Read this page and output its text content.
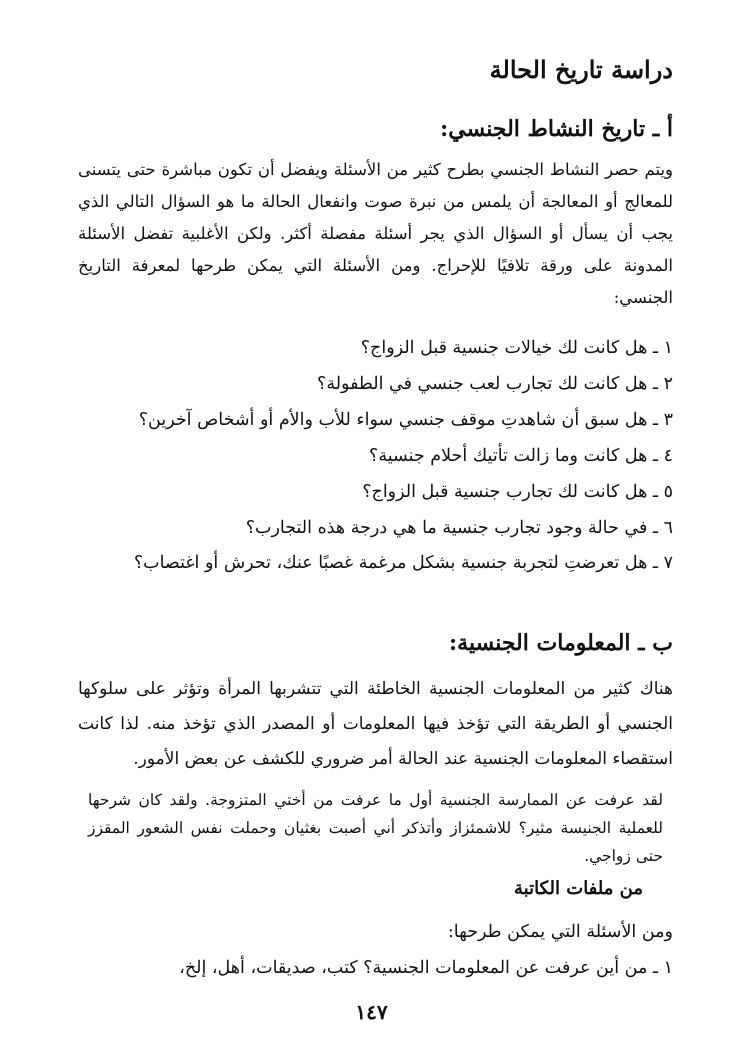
دراسة تاريخ الحالة
أ ـ تاريخ النشاط الجنسي:

ويتم حصر النشاط الجنسي بطرح كثير من الأسئلة ويفضل أن تكون مباشرة حتى يتسنى للمعالج أو المعالجة أن يلمس من نبرة صوت وانفعال الحالة ما هو السؤال التالي الذي يجب أن يسأل أو السؤال الذي يجر أسئلة مفصلة أكثر. ولكن الأغلبية تفضل الأسئلة المدونة على ورقة تلافيًا للإحراج. ومن الأسئلة التي يمكن طرحها لمعرفة التاريخ الجنسي:

١ ـ هل كانت لك خيالات جنسية قبل الزواج؟
٢ ـ هل كانت لك تجارب لعب جنسي في الطفولة؟
٣ ـ هل سبق أن شاهدتِ موقف جنسي سواء للأب والأم أو أشخاص آخرين؟
٤ ـ هل كانت وما زالت تأتيك أحلام جنسية؟
٥ ـ هل كانت لك تجارب جنسية قبل الزواج؟
٦ ـ في حالة وجود تجارب جنسية ما هي درجة هذه التجارب؟
٧ ـ هل تعرضتِ لتجربة جنسية بشكل مرغمة غصبًا عنك، تحرش أو اغتصاب؟
ب ـ المعلومات الجنسية:

هناك كثير من المعلومات الجنسية الخاطئة التي تتشربها المرأة وتؤثر على سلوكها الجنسي أو الطريقة التي تؤخذ فيها المعلومات أو المصدر الذي تؤخذ منه. لذا كانت استقصاء المعلومات الجنسية عند الحالة أمر ضروري للكشف عن بعض الأمور.

لقد عرفت عن الممارسة الجنسية أول ما عرفت من أختي المتزوجة. ولقد كان شرحها للعملية الجنيسة مثير؟ للاشمئزاز وأتذكر أني أصبت بغثيان وحملت نفس الشعور المقزز حتى زواجي.
من ملفات الكاتبة

ومن الأسئلة التي يمكن طرحها:

١ ـ من أين عرفت عن المعلومات الجنسية؟ كتب، صديقات، أهل، إلخ،

١٤٧
